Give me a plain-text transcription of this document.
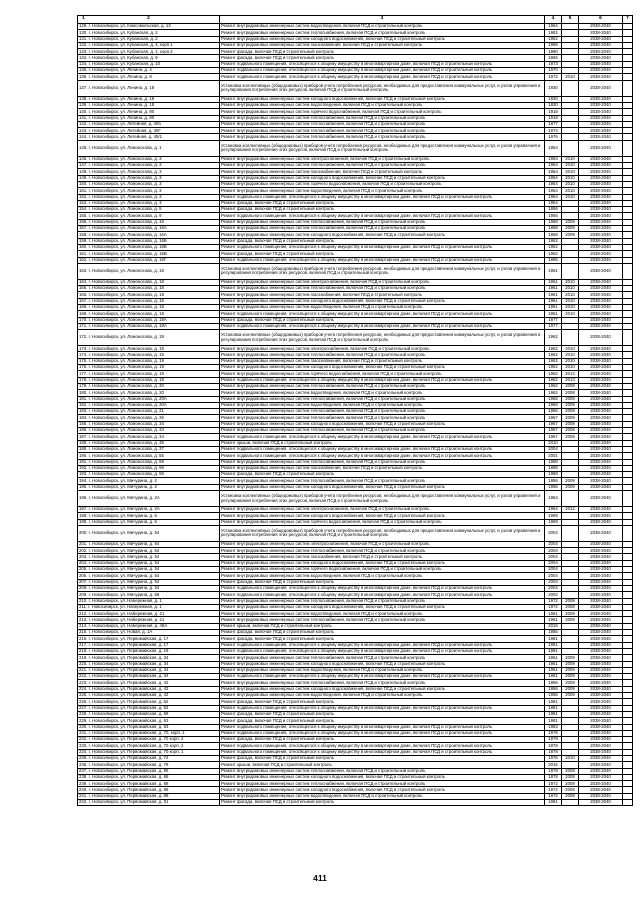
1 2	3	4	5	6	7
129. г. Новосибирск, ул. Комсомольская, д. 13	Ремонт внутридомовых инженерных систем водоотведения, включая ПСД и строительный контроль	1964		2038-2040	
130. г. Новосибирск, ул. Кубанская, д. 2	Ремонт внутридомовых инженерных систем теплоснабжения, включая ПСД и строительный контроль	1962		2038-2040	
131. г. Новосибирск, ул. Кубанская, д. 2	Ремонт внутридомовых инженерных систем холодного водоснабжения, включая ПСД и строительный контроль	1962		2038-2040	
132. г. Новосибирск, ул. Кубанская, д. 4, корп.1	Ремонт внутридомовых инженерных систем газоснабжения, включая ПСД и строительный контроль	1988		2038-2040	
133. г. Новосибирск, ул. Кубанская, д. 4, корп.2	Ремонт фасада, включая ПСД и строительный контроль	1990		2038-2040	
134. г. Новосибирск, ул. Кубанская, д. 9	Ремонт фасада, включая ПСД и строительный контроль	1965		2038-2040	
134. г. Новосибирск, ул. Кубанская, д. 10	Ремонт подвального помещения, относящегося к общему имуществу в многоквартирном доме, включая ПСД и строительный контроль	1973		2038-2040	
135. г. Новосибирск, ул. Ленина, д. 4	Ремонт подвального помещения, относящегося к общему имуществу в многоквартирном доме, включая ПСД и строительный контроль	1970		2038-2040	
136. г. Новосибирск, ул. Ленина, д. 8	Ремонт подвального помещения, относящегося к общему имуществу в многоквартирном доме, включая ПСД и строительный контроль	1972	2010	2038-2040	
137. г. Новосибирск, ул. Ленина, д. 18	Установка коллективных (общедомовых) приборов учета потребления ресурсов, необходимых для предоставления коммунальных услуг, и узлов управления и регулирования потребления этих ресурсов, включая ПСД и строительный контроль	1930		2038-2040	
138. г. Новосибирск, ул. Ленина, д. 18	Ремонт внутридомовых инженерных систем холодного водоснабжения, включая ПСД и строительный контроль	1930		2038-2040	
139. г. Новосибирск, ул. Ленина, д. 18	Ремонт внутридомовых инженерных систем водоотведения, включая ПСД и строительный контроль	1930		2038-2040	
140. г. Новосибирск, ул. Ленина, д. 80	Ремонт внутридомовых инженерных систем горячего водоснабжения, включая ПСД и строительный контроль	1918		2038-2040	
141. г. Новосибирск, ул. Ленина, д. 80	Ремонт внутридомовых инженерных систем теплоснабжения, включая ПСД и строительный контроль	1918		2038-2040	
142. г. Новосибирск, ул. Литейная, д. 40б	Ремонт внутридомовых инженерных систем теплоснабжения, включая ПСД и строительный контроль	1977		2038-2040	
143. г. Новосибирск, ул. Литейная, д. 40Г	Ремонт внутридомовых инженерных систем теплоснабжения, включая ПСД и строительный контроль	1974		2038-2040	
144. г. Новосибирск, ул. Литейная, д. 45/1	Ремонт внутридомовых инженерных систем теплоснабжения, включая ПСД и строительный контроль	1976		2038-2040	
145. г. Новосибирск, ул. Ломоносова, д. 1	Установка коллективных (общедомовых) приборов учета потребления ресурсов, необходимых для предоставления коммунальных услуг, и узлов управления и регулирования потребления этих ресурсов, включая ПСД и строительный контроль	1954		2038-2040	
146. г. Новосибирск, ул. Ломоносова, д. 3	Ремонт внутридомовых инженерных систем электроснабжения, включая ПСД и строительный контроль	1954	2010	2038-2040	
147. г. Новосибирск, ул. Ломоносова, д. 3	Ремонт внутридомовых инженерных систем теплоснабжения, включая ПСД и строительный контроль	1954	2010	2038-2040	
148. г. Новосибирск, ул. Ломоносова, д. 3	Ремонт внутридомовых инженерных систем газоснабжения, включая ПСД и строительный контроль	1954	2010	2038-2040	
149. г. Новосибирск, ул. Ломоносова, д. 3	Ремонт внутридомовых инженерных систем холодного водоснабжения, включая ПСД и строительный контроль	1954	2010	2038-2040	
150. г. Новосибирск, ул. Ломоносова, д. 3	Ремонт внутридомовых инженерных систем горячего водоснабжения, включая ПСД и строительный контроль	1954	2010	2038-2040	
151. г. Новосибирск, ул. Ломоносова, д. 3	Ремонт внутридомовых инженерных систем водоотведения, включая ПСД и строительный контроль	1954	2010	2038-2040	
152. г. Новосибирск, ул. Ломоносова, д. 3	Ремонт подвального помещения, относящегося к общему имуществу в многоквартирном доме, включая ПСД и строительный контроль	1954	2010	2038-2040	
153. г. Новосибирск, ул. Ломоносова, д. 3	Ремонт фасада, включая ПСД и строительный контроль	1954		2038-2040	
154. г. Новосибирск, ул. Ломоносова, д. 5	Ремонт фасада, включая ПСД и строительный контроль	1956		2038-2040	
155. г. Новосибирск, ул. Ломоносова, д. 9	Ремонт подвального помещения, относящегося к общему имуществу в многоквартирном доме, включая ПСД и строительный контроль	1956		2038-2040	
156. г. Новосибирск, ул. Ломоносова, д. 16	Ремонт внутридомовых инженерных систем теплоснабжения, включая ПСД и строительный контроль	1958	2009	2038-2040	
157. г. Новосибирск, ул. Ломоносова, д. 16А	Ремонт внутридомовых инженерных систем теплоснабжения, включая ПСД и строительный контроль	1958	2009	2038-2040	
158. г. Новосибирск, ул. Ломоносова, д. 16А	Ремонт внутридомовых инженерных систем холодного водоснабжения, включая ПСД и строительный контроль	1958	2009	2038-2040	
159. г. Новосибирск, ул. Ломоносова, д. 16Б	Ремонт фасада, включая ПСД и строительный контроль	1962		2038-2040	
160. г. Новосибирск, ул. Ломоносова, д. 16В	Ремонт подвального помещения, относящегося к общему имуществу в многоквартирном доме, включая ПСД и строительный контроль	1962		2038-2040	
161. г. Новосибирск, ул. Ломоносова, д. 16В	Ремонт фасада, включая ПСД и строительный контроль	1962		2038-2040	
162. г. Новосибирск, ул. Ломоносова, д. 16Г	Ремонт подвального помещения, относящегося к общему имуществу в многоквартирном доме, включая ПСД и строительный контроль	1965		2038-2040	
163. г. Новосибирск, ул. Ломоносова, д. 18	Установка коллективных (общедомовых) приборов учета потребления ресурсов, необходимых для предоставления коммунальных услуг, и узлов управления и регулирования потребления этих ресурсов, включая ПСД и строительный контроль	1961		2038-2040	
164. г. Новосибирск, ул. Ломоносова, д. 18	Ремонт внутридомовых инженерных систем электроснабжения, включая ПСД и строительный контроль	1961	2010	2038-2040	
165. г. Новосибирск, ул. Ломоносова, д. 18	Ремонт внутридомовых инженерных систем теплоснабжения, включая ПСД и строительный контроль	1961	2010	2038-2040	
166. г. Новосибирск, ул. Ломоносова, д. 18	Ремонт внутридомовых инженерных систем газоснабжения, включая ПСД и строительный контроль	1961	2010	2038-2040	
167. г. Новосибирск, ул. Ломоносова, д. 18	Ремонт внутридомовых инженерных систем холодного водоснабжения, включая ПСД и строительный контроль	1961	2010	2038-2040	
168. г. Новосибирск, ул. Ломоносова, д. 18	Ремонт внутридомовых инженерных систем водоотведения, включая ПСД и строительный контроль	1961	2010	2038-2040	
169. г. Новосибирск, ул. Ломоносова, д. 18	Ремонт подвального помещения, относящегося к общему имуществу в многоквартирном доме, включая ПСД и строительный контроль	1961	2010	2038-2040	
170. г. Новосибирск, ул. Ломоносова, д. 18А	Ремонт фасада, включая ПСД и строительный контроль	1977		2038-2040	
171. г. Новосибирск, ул. Ломоносова, д. 18А	Ремонт подвального помещения, относящегося к общему имуществу в многоквартирном доме, включая ПСД и строительный контроль	1977		2038-2040	
172. г. Новосибирск, ул. Ломоносова, д. 19	Установка коллективных (общедомовых) приборов учета потребления ресурсов, необходимых для предоставления коммунальных услуг, и узлов управления и регулирования потребления этих ресурсов, включая ПСД и строительный контроль	1962		2038-2040	
173. г. Новосибирск, ул. Ломоносова, д. 19	Ремонт внутридомовых инженерных систем электроснабжения, включая ПСД и строительный контроль	1962	2010	2038-2040	
174. г. Новосибирск, ул. Ломоносова, д. 19	Ремонт внутридомовых инженерных систем теплоснабжения, включая ПСД и строительный контроль	1962	2010	2038-2040	
175. г. Новосибирск, ул. Ломоносова, д. 19	Ремонт внутридомовых инженерных систем газоснабжения, включая ПСД и строительный контроль	1962	2010	2038-2040	
176. г. Новосибирск, ул. Ломоносова, д. 19	Ремонт внутридомовых инженерных систем холодного водоснабжения, включая ПСД и строительный контроль	1962	2010	2038-2040	
177. г. Новосибирск, ул. Ломоносова, д. 19	Ремонт внутридомовых инженерных систем горячего водоснабжения, включая ПСД и строительный контроль	1962	2013	2038-2040	
178. г. Новосибирск, ул. Ломоносова, д. 19	Ремонт подвального помещения, относящегося к общему имуществу в многоквартирном доме, включая ПСД и строительный контроль	1962	2013	2038-2040	
179. г. Новосибирск, ул. Ломоносова, д. 20	Ремонт внутридомовых инженерных систем теплоснабжения, включая ПСД и строительный контроль	1962	2008	2038-2040	
180. г. Новосибирск, ул. Ломоносова, д. 20	Ремонт внутридомовых инженерных систем водоотведения, включая ПСД и строительный контроль	1962	2008	2038-2040	
181. г. Новосибирск, ул. Ломоносова, д. 20А	Ремонт внутридомовых инженерных систем теплоснабжения, включая ПСД и строительный контроль	1968	2009	2038-2040	
182. г. Новосибирск, ул. Ломоносова, д. 20А	Ремонт внутридомовых инженерных систем водоотведения, включая ПСД и строительный контроль	1968	2009	2038-2040	
183. г. Новосибирск, ул. Ломоносова, д. 21	Ремонт внутридомовых инженерных систем теплоснабжения, включая ПСД и строительный контроль	1966	2008	2038-2040	
184. г. Новосибирск, ул. Ломоносова, д. 26	Ремонт внутридомовых инженерных систем теплоснабжения, включая ПСД и строительный контроль	1967	2009	2038-2040	
185. г. Новосибирск, ул. Ломоносова, д. 34	Ремонт внутридомовых инженерных систем холодного водоснабжения, включая ПСД и строительный контроль	1967	2008	2038-2040	
186. г. Новосибирск, ул. Ломоносова, д. 34	Ремонт внутридомовых инженерных систем теплоснабжения, включая ПСД и строительный контроль	1967	2008	2038-2040	
187. г. Новосибирск, ул. Ломоносова, д. 34	Ремонт подвального помещения, относящегося к общему имуществу в многоквартирном доме, включая ПСД и строительный контроль	1967	2008	2038-2040	
188. г. Новосибирск, ул. Ломоносова, д. 35	Ремонт крыши, включая ПСД и строительный контроль	2010		2038-2040	
189. г. Новосибирск, ул. Ломоносова, д. 37	Ремонт подвального помещения, относящегося к общему имуществу в многоквартирном доме, включая ПСД и строительный контроль	2004		2038-2040	
190. г. Новосибирск, ул. Ломоносова, д. 55	Ремонт подвального помещения, относящегося к общему имуществу в многоквартирном доме, включая ПСД и строительный контроль	2001		2038-2040	
191. г. Новосибирск, ул. Ломоносова, д. 59	Ремонт внутридомовых инженерных систем теплоснабжения, включая ПСД и строительный контроль	1988		2038-2040	
192. г. Новосибирск, ул. Ломоносова, д. 59	Ремонт внутридомовых инженерных систем газоснабжения, включая ПСД и строительный контроль	1988		2038-2040	
193. г. Новосибирск, ул. Ломоносова, д. 59	Ремонт фасада, включая ПСД и строительный контроль	1988		2038-2040	
194. г. Новосибирск, ул. Мичурина, д. 2	Ремонт внутридомовых инженерных систем теплоснабжения, включая ПСД и строительный контроль	1956	2009	2038-2040	
195. г. Новосибирск, ул. Мичурина, д. 2	Ремонт внутридомовых инженерных систем холодного водоснабжения, включая ПСД и строительный контроль	1956	2009	2038-2040	
196. г. Новосибирск, ул. Мичурина, д. 2А	Установка коллективных (общедомовых) приборов учета потребления ресурсов, необходимых для предоставления коммунальных услуг, и узлов управления и регулирования потребления этих ресурсов, включая ПСД и строительный контроль	1964		2038-2040	
197. г. Новосибирск, ул. Мичурина, д. 2А	Ремонт внутридомовых инженерных систем электроснабжения, включая ПСД и строительный контроль	1964	2012	2038-2040	
198. г. Новосибирск, ул. Мичурина, д. 6	Ремонт внутридомовых инженерных систем холодного водоснабжения, включая ПСД и строительный контроль	1989		2038-2040	
199. г. Новосибирск, ул. Мичурина, д. 6	Ремонт внутридомовых инженерных систем горячего водоснабжения, включая ПСД и строительный контроль	1989		2038-2040	
200. г. Новосибирск, ул. Мичурина, д. 54	Установка коллективных (общедомовых) приборов учета потребления ресурсов, необходимых для предоставления коммунальных услуг, и узлов управления и регулирования потребления этих ресурсов, включая ПСД и строительный контроль	2004		2038-2040	
201. г. Новосибирск, ул. Мичурина, д. 54	Ремонт внутридомовых инженерных систем электроснабжения, включая ПСД и строительный контроль	2004		2038-2040	
202. г. Новосибирск, ул. Мичурина, д. 54	Ремонт внутридомовых инженерных систем теплоснабжения, включая ПСД и строительный контроль	2004		2038-2040	
203. г. Новосибирск, ул. Мичурина, д. 54	Ремонт внутридомовых инженерных систем газоснабжения, включая ПСД и строительный контроль	2004		2038-2040	
204. г. Новосибирск, ул. Мичурина, д. 54	Ремонт внутридомовых инженерных систем холодного водоснабжения, включая ПСД и строительный контроль	2004		2038-2040	
205. г. Новосибирск, ул. Мичурина, д. 54	Ремонт внутридомовых инженерных систем горячего водоснабжения, включая ПСД и строительный контроль	2004		2038-2040	
206. г. Новосибирск, ул. Мичурина, д. 54	Ремонт внутридомовых инженерных систем водоотведения, включая ПСД и строительный контроль	2004		2038-2040	
207. г. Новосибирск, ул. Мичурина, д. 54	Ремонт фасада, включая ПСД и строительный контроль	2004		2038-2040	
208. г. Новосибирск, ул. Мичурина, д. 54	Ремонт подвального помещения, относящегося к общему имуществу в многоквартирном доме, включая ПСД и строительный контроль	2004		2038-2040	
209. г. Новосибирск, ул. Мичурина, д. 56	Ремонт подвального помещения, относящегося к общему имуществу в многоквартирном доме, включая ПСД и строительный контроль	2002		2038-2040	
210. г. Новосибирск, ул. Набережная, д. 1	Ремонт внутридомовых инженерных систем теплоснабжения, включая ПСД и строительный контроль	1972	2008	2038-2040	
211. г. Новосибирск, ул. Набережная, д. 1	Ремонт внутридомовых инженерных систем холодного водоснабжения, включая ПСД и строительный контроль	1972	2008	2038-2040	
212. г. Новосибирск, ул. Набережная, д. 21	Ремонт внутридомовых инженерных систем водоотведения, включая ПСД и строительный контроль	1961	2009	2038-2040	
213. г. Новосибирск, ул. Набережная, д. 21	Ремонт внутридомовых инженерных систем теплоснабжения, включая ПСД и строительный контроль	1961	2009	2038-2040	
214. г. Новосибирск, ул. Набережная, д. 48А	Ремонт крыши, включая ПСД и строительный контроль	2016		2038-2040	
215. г. Новосибирск, ул. Новая, д. 1А	Ремонт фасада, включая ПСД и строительный контроль	1985		2038-2040	
216. г. Новосибирск, ул. Первомайская, д. 17	Ремонт фасада, включая ПСД и строительный контроль	1981		2038-2040	
217. г. Новосибирск, ул. Первомайская, д. 17	Ремонт подвального помещения, относящегося к общему имуществу в многоквартирном доме, включая ПСД и строительный контроль	1981		2038-2040	
218. г. Новосибирск, ул. Первомайская, д. 19	Ремонт подвального помещения, относящегося к общему имуществу в многоквартирном доме, включая ПСД и строительный контроль	1981		2038-2040	
219. г. Новосибирск, ул. Первомайская, д. 34	Ремонт внутридомовых инженерных систем теплоснабжения, включая ПСД и строительный контроль	1961	2009	2038-2040	
220. г. Новосибирск, ул. Первомайская, д. 34	Ремонт внутридомовых инженерных систем холодного водоснабжения, включая ПСД и строительный контроль	1961	2009	2038-2040	
221. г. Новосибирск, ул. Первомайская, д. 34	Ремонт внутридомовых инженерных систем водоотведения, включая ПСД и строительный контроль	1961	2009	2038-2040	
222. г. Новосибирск, ул. Первомайская, д. 34	Ремонт подвального помещения, относящегося к общему имуществу в многоквартирном доме, включая ПСД и строительный контроль	1961	2009	2038-2040	
223. г. Новосибирск, ул. Первомайская, д. 42	Ремонт внутридомовых инженерных систем теплоснабжения, включая ПСД и строительный контроль	1956	2009	2038-2040	
224. г. Новосибирск, ул. Первомайская, д. 42	Ремонт внутридомовых инженерных систем холодного водоснабжения, включая ПСД и строительный контроль	1956	2009	2038-2040	
225. г. Новосибирск, ул. Первомайская, д. 42	Ремонт внутридомовых инженерных систем водоотведения, включая ПСД и строительный контроль	1956	2009	2038-2040	
226. г. Новосибирск, ул. Первомайская, д. 52	Ремонт фасада, включая ПСД и строительный контроль	1981		2038-2040	
227. г. Новосибирск, ул. Первомайская, д. 52	Ремонт подвального помещения, относящегося к общему имуществу в многоквартирном доме, включая ПСД и строительный контроль	1981		2038-2040	
228. г. Новосибирск, ул. Первомайская, д. 58	Ремонт фасада, включая ПСД и строительный контроль	1981		2038-2040	
229. г. Новосибирск, ул. Первомайская, д. 63	Ремонт фасада, включая ПСД и строительный контроль	1981		2038-2040	
230. г. Новосибирск, ул. Первомайская, д. 63	Ремонт подвального помещения, относящегося к общему имуществу в многоквартирном доме, включая ПСД и строительный контроль	1983		2038-2040	
231. г. Новосибирск, ул. Первомайская, д. 70, корп. 1	Ремонт подвального помещения, относящегося к общему имуществу в многоквартирном доме, включая ПСД и строительный контроль	1976		2038-2040	
232. г. Новосибирск, ул. Первомайская, д. 70 корп. 2	Ремонт фасада, включая ПСД и строительный контроль	1979		2038-2040	
233. г. Новосибирск, ул. Первомайская, д. 70 корп. 2	Ремонт подвального помещения, относящегося к общему имуществу в многоквартирном доме, включая ПСД и строительный контроль	1979		2038-2040	
234. г. Новосибирск, ул. Первомайская, д. 70 корп. 1	Ремонт подвального помещения, относящегося к общему имуществу в многоквартирном доме, включая ПСД и строительный контроль	1978		2038-2040	
235. г. Новосибирск, ул. Первомайская, д. 74	Ремонт фасада, включая ПСД и строительный контроль	1976	2010	2038-2040	
236. г. Новосибирск, ул. Первомайская, д. 78	Ремонт крыши, включая ПСД и строительный контроль	2016		2038-2040	
237. г. Новосибирск, ул. Первомайская, д. 86	Ремонт внутридомовых инженерных систем теплоснабжения, включая ПСД и строительный контроль	1978	2008	2038-2040	
238. г. Новосибирск, ул. Первомайская, д. 86	Ремонт внутридомовых инженерных систем холодного водоснабжения, включая ПСД и строительный контроль	1978	2008	2038-2040	
239. г. Новосибирск, ул. Первомайская, д. 88	Ремонт внутридомовых инженерных систем теплоснабжения, включая ПСД и строительный контроль	1972	2008	2038-2040	
240. г. Новосибирск, ул. Первомайская, д. 88	Ремонт внутридомовых инженерных систем холодного водоснабжения, включая ПСД и строительный контроль	1972	2008	2038-2040	
241. г. Новосибирск, ул. Первомайская, д. 88	Ремонт внутридомовых инженерных систем водоотведения, включая ПСД и строительный контроль	1972	2008	2038-2040	
242. г. Новосибирск, ул. Первомайская, д. 91	Ремонт фасада, включая ПСД и строительный контроль	1981		2038-2040	
411
